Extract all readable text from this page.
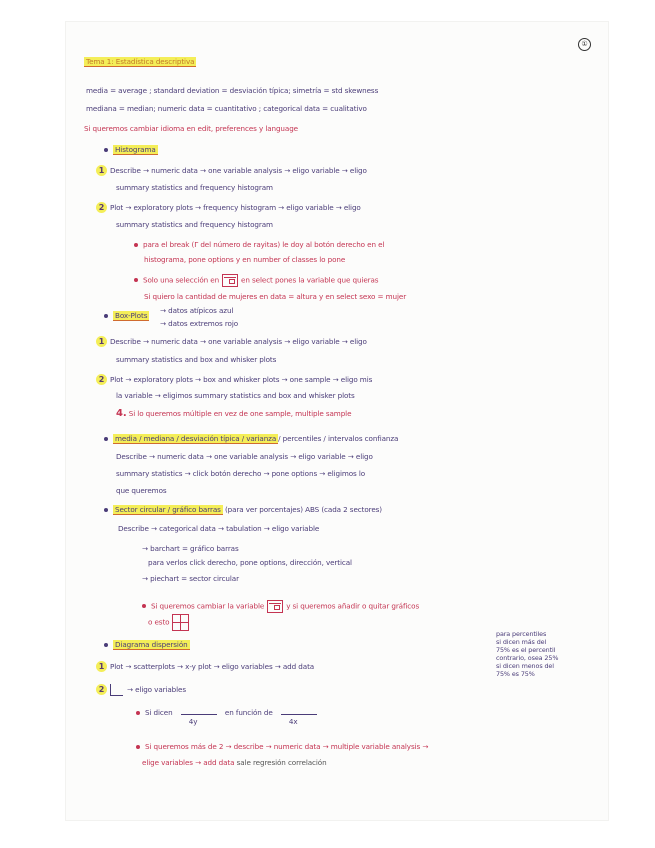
①
Tema 1: Estadística descriptiva
media = average ; standard deviation = desviación típica; simetría = std skewness
mediana = median; numeric data = cuantitativo ; categorical data = cualitativo
Si queremos cambiar idioma en edit, preferences y language
Histograma
1 Describe → numeric data → one variable analysis → eligo variable → eligo
summary statistics and frequency histogram
2 Plot → exploratory plots → frequency histogram → eligo variable → eligo
summary statistics and frequency histogram
para el break (Γ del número de rayitas) le doy al botón derecho en el
histograma, pone options y en number of classes lo pone
Solo una selección en	en select pones la variable que quieras
Si quiero la cantidad de mujeres en data = altura y en select sexo = mujer
Box-Plots
→ datos atípicos azul
→ datos extremos rojo
1 Describe → numeric data → one variable analysis → eligo variable → eligo
summary statistics and box and whisker plots
2 Plot → exploratory plots → box and whisker plots → one sample → eligo mis
la variable → eligimos summary statistics and box and whisker plots
4. Si lo queremos múltiple en vez de one sample, multiple sample
media / mediana / desviación típica / varianza / percentiles / intervalos confianza
Describe → numeric data → one variable analysis → eligo variable → eligo
summary statistics → click botón derecho → pone options → eligimos lo
que queremos
Sector circular / gráfico barras (para ver porcentajes) ABS (cada 2 sectores)
Describe → categorical data → tabulation → eligo variable
→ barchart = gráfico barras
para verlos click derecho, pone options, dirección, vertical
→ piechart = sector circular
Si queremos cambiar la variable	y si queremos añadir o quitar gráficos
o esto
Diagrama dispersión
1 Plot → scatterplots → x-y plot → eligo variables → add data
2	→ eligo variables
Si dicen
4y
en función de
4x
Si queremos más de 2 → describe → numeric data → multiple variable analysis →
elige variables → add data sale regresión correlación
para percentiles
si dicen más del
75% es el percentil
contrario, osea 25%
si dicen menos del
75% es 75%
